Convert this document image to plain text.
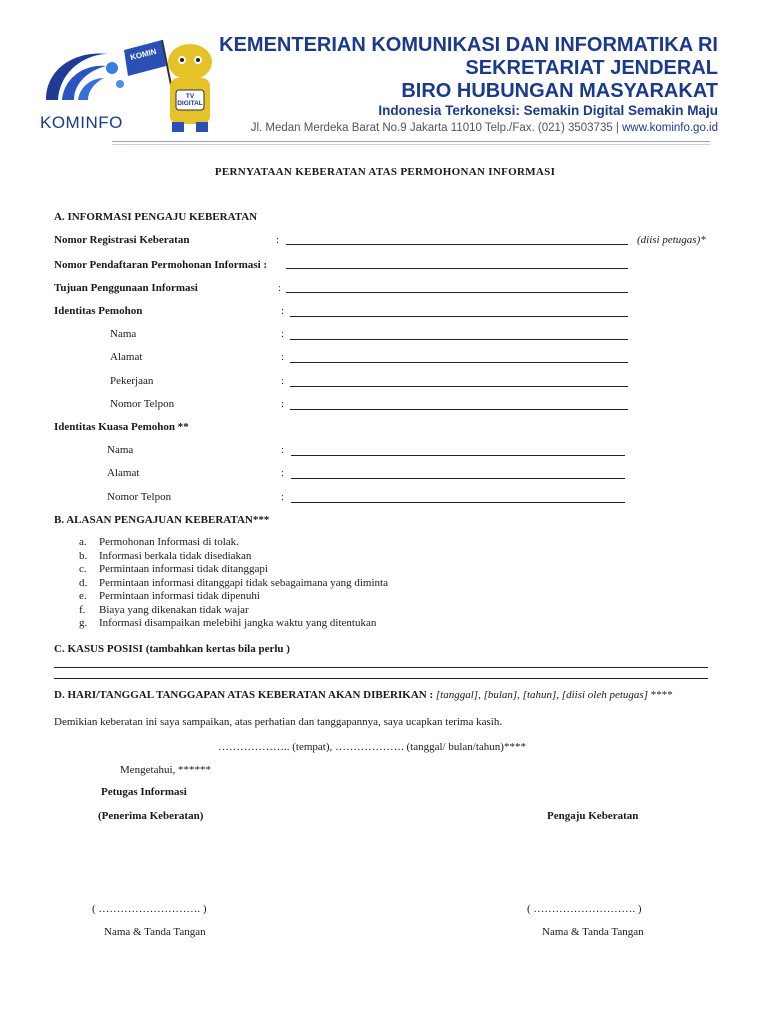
KOMINFO
KOMIN
TV DIGITAL
KEMENTERIAN KOMUNIKASI DAN INFORMATIKA RI
SEKRETARIAT JENDERAL
BIRO HUBUNGAN MASYARAKAT
Indonesia Terkoneksi: Semakin Digital Semakin Maju
Jl. Medan Merdeka Barat No.9 Jakarta 11010 Telp./Fax. (021) 3503735 | www.kominfo.go.id
PERNYATAAN KEBERATAN ATAS PERMOHONAN INFORMASI
A. INFORMASI PENGAJU KEBERATAN
Nomor Registrasi Keberatan	:	(diisi petugas)*
Nomor Pendaftaran Permohonan Informasi :
Tujuan Penggunaan Informasi	:
Identitas Pemohon	:
Nama	:
Alamat	:
Pekerjaan	:
Nomor Telpon	:
Identitas Kuasa Pemohon **
Nama	:
Alamat	:
Nomor Telpon	:
B. ALASAN PENGAJUAN KEBERATAN***
a.	Permohonan Informasi di tolak.
b.	Informasi berkala tidak disediakan
c.	Permintaan informasi tidak ditanggapi
d.	Permintaan informasi ditanggapi tidak sebagaimana yang diminta
e.	Permintaan informasi tidak dipenuhi
f.	Biaya yang dikenakan tidak wajar
g.	Informasi disampaikan melebihi jangka waktu yang ditentukan
C. KASUS POSISI (tambahkan kertas bila perlu )
D. HARI/TANGGAL TANGGAPAN ATAS KEBERATAN AKAN DIBERIKAN : [tanggal], [bulan], [tahun], [diisi oleh petugas] ****
Demikian keberatan ini saya sampaikan, atas perhatian dan tanggapannya, saya ucapkan terima kasih.
……………….. (tempat), ………………. (tanggal/ bulan/tahun)****
Mengetahui, ******
Petugas Informasi
(Penerima Keberatan)	Pengaju Keberatan
( ………………………. )	( ………………………. )
Nama & Tanda Tangan	Nama & Tanda Tangan
